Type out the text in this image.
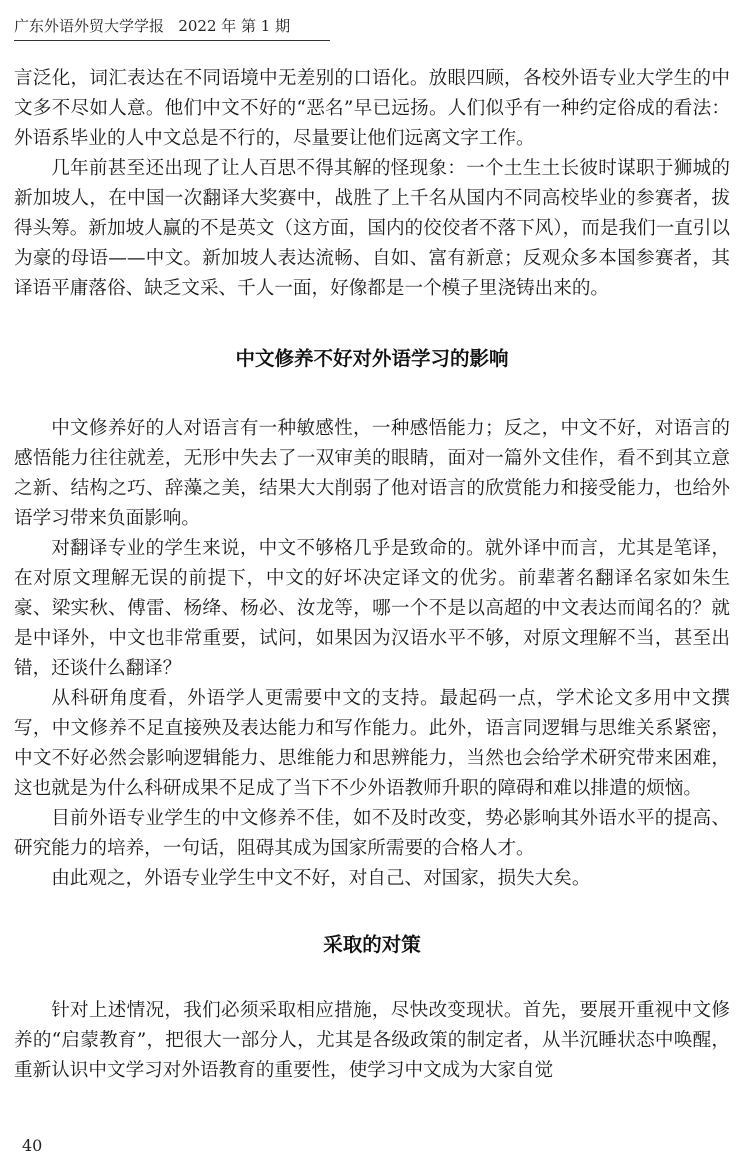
广东外语外贸大学学报 2022 年 第 1 期

言泛化，词汇表达在不同语境中无差别的口语化。放眼四顾，各校外语专业大学生的中文多不尽如人意。他们中文不好的“恶名”早已远扬。人们似乎有一种约定俗成的看法：外语系毕业的人中文总是不行的，尽量要让他们远离文字工作。

几年前甚至还出现了让人百思不得其解的怪现象：一个土生土长彼时谋职于狮城的新加坡人，在中国一次翻译大奖赛中，战胜了上千名从国内不同高校毕业的参赛者，拔得头筹。新加坡人赢的不是英文（这方面，国内的佼佼者不落下风），而是我们一直引以为豪的母语——中文。新加坡人表达流畅、自如、富有新意；反观众多本国参赛者，其译语平庸落俗、缺乏文采、千人一面，好像都是一个模子里浇铸出来的。

中文修养不好对外语学习的影响

中文修养好的人对语言有一种敏感性，一种感悟能力；反之，中文不好，对语言的感悟能力往往就差，无形中失去了一双审美的眼睛，面对一篇外文佳作，看不到其立意之新、结构之巧、辞藻之美，结果大大削弱了他对语言的欣赏能力和接受能力，也给外语学习带来负面影响。

对翻译专业的学生来说，中文不够格几乎是致命的。就外译中而言，尤其是笔译，在对原文理解无误的前提下，中文的好坏决定译文的优劣。前辈著名翻译名家如朱生豪、梁实秋、傅雷、杨绛、杨必、汝龙等，哪一个不是以高超的中文表达而闻名的？就是中译外，中文也非常重要，试问，如果因为汉语水平不够，对原文理解不当，甚至出错，还谈什么翻译？

从科研角度看，外语学人更需要中文的支持。最起码一点，学术论文多用中文撰写，中文修养不足直接殃及表达能力和写作能力。此外，语言同逻辑与思维关系紧密，中文不好必然会影响逻辑能力、思维能力和思辨能力，当然也会给学术研究带来困难，这也就是为什么科研成果不足成了当下不少外语教师升职的障碍和难以排遣的烦恼。

目前外语专业学生的中文修养不佳，如不及时改变，势必影响其外语水平的提高、研究能力的培养，一句话，阻碍其成为国家所需要的合格人才。

由此观之，外语专业学生中文不好，对自己、对国家，损失大矣。

采取的对策

针对上述情况，我们必须采取相应措施，尽快改变现状。首先，要展开重视中文修养的“启蒙教育”，把很大一部分人，尤其是各级政策的制定者，从半沉睡状态中唤醒，重新认识中文学习对外语教育的重要性，使学习中文成为大家自觉

40
